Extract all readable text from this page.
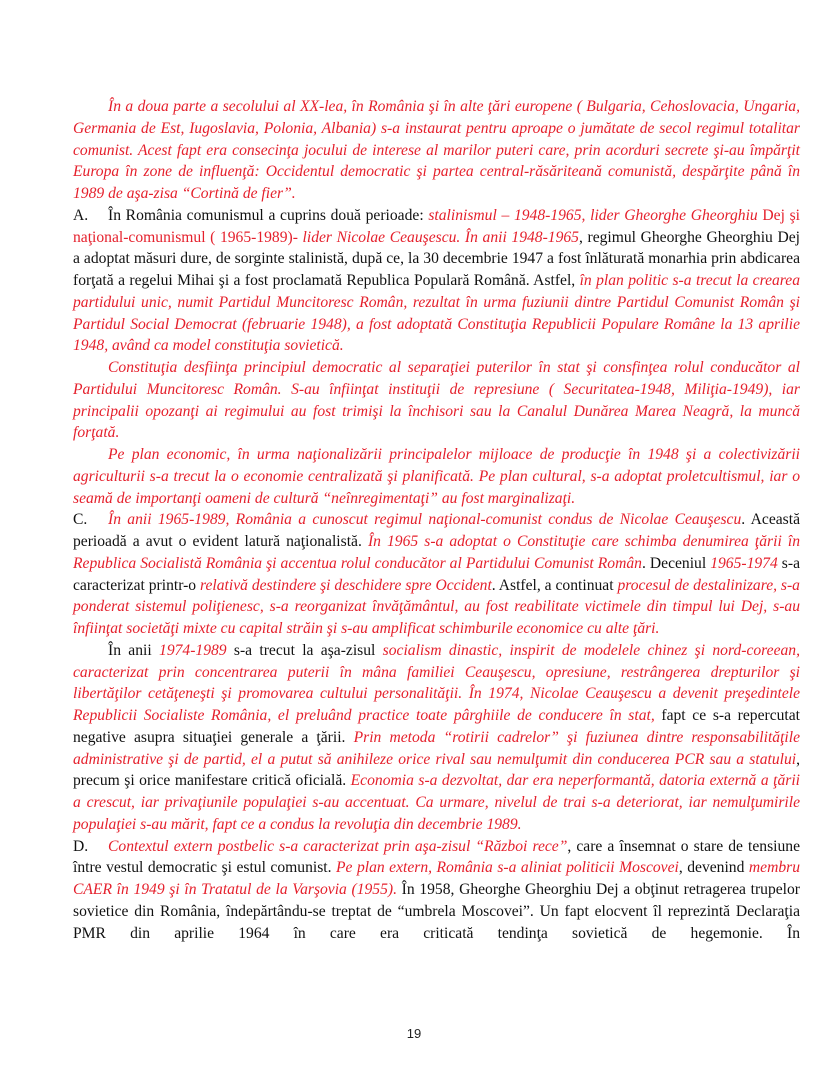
În a doua parte a secolului al XX-lea, în România şi în alte ţări europene ( Bulgaria, Cehoslovacia, Ungaria, Germania de Est, Iugoslavia, Polonia, Albania) s-a instaurat pentru aproape o jumătate de secol regimul totalitar comunist. Acest fapt era consecinţa jocului de interese al marilor puteri care, prin acorduri secrete şi-au împărţit Europa în zone de influenţă: Occidentul democratic şi partea central-răsăriteană comunistă, despărţite până în 1989 de aşa-zisa “Cortină de fier”.

A. În România comunismul a cuprins două perioade: stalinismul – 1948-1965, lider Gheorghe Gheorghiu Dej şi naţional-comunismul ( 1965-1989)- lider Nicolae Ceauşescu. În anii 1948-1965, regimul Gheorghe Gheorghiu Dej a adoptat măsuri dure, de sorginte stalinistă, după ce, la 30 decembrie 1947 a fost înlăturată monarhia prin abdicarea forţată a regelui Mihai şi a fost proclamată Republica Populară Română. Astfel, în plan politic s-a trecut la crearea partidului unic, numit Partidul Muncitoresc Român, rezultat în urma fuziunii dintre Partidul Comunist Român şi Partidul Social Democrat (februarie 1948), a fost adoptată Constituţia Republicii Populare Române la 13 aprilie 1948, având ca model constituţia sovietică.

Constituţia desfiinţa principiul democratic al separaţiei puterilor în stat şi consfinţea rolul conducător al Partidului Muncitoresc Român. S-au înfiinţat instituţii de represiune ( Securitatea-1948, Miliţia-1949), iar principalii opozanţi ai regimului au fost trimişi la închisori sau la Canalul Dunărea Marea Neagră, la muncă forţată.

Pe plan economic, în urma naţionalizării principalelor mijloace de producţie în 1948 şi a colectivizării agriculturii s-a trecut la o economie centralizată şi planificată. Pe plan cultural, s-a adoptat proletcultismul, iar o seamă de importanţi oameni de cultură “neînregimentaţi” au fost marginalizaţi.

C. În anii 1965-1989, România a cunoscut regimul naţional-comunist condus de Nicolae Ceauşescu. Această perioadă a avut o evident latură naţionalistă. În 1965 s-a adoptat o Constituţie care schimba denumirea ţării în Republica Socialistă România şi accentua rolul conducător al Partidului Comunist Român. Deceniul 1965-1974 s-a caracterizat printr-o relativă destindere şi deschidere spre Occident. Astfel, a continuat procesul de destalinizare, s-a ponderat sistemul poliţienesc, s-a reorganizat învăţământul, au fost reabilitate victimele din timpul lui Dej, s-au înfiinţat societăţi mixte cu capital străin şi s-au amplificat schimburile economice cu alte ţări.

În anii 1974-1989 s-a trecut la aşa-zisul socialism dinastic, inspirit de modelele chinez şi nord-coreean, caracterizat prin concentrarea puterii în mâna familiei Ceauşescu, opresiune, restrângerea drepturilor şi libertăţilor cetăţeneşti şi promovarea cultului personalităţii. În 1974, Nicolae Ceauşescu a devenit preşedintele Republicii Socialiste România, el preluând practice toate pârghiile de conducere în stat, fapt ce s-a repercutat negative asupra situaţiei generale a ţării. Prin metoda “rotirii cadrelor” şi fuziunea dintre responsabilităţile administrative şi de partid, el a putut să anihileze orice rival sau nemulţumit din conducerea PCR sau a statului, precum şi orice manifestare critică oficială. Economia s-a dezvoltat, dar era neperformantă, datoria externă a ţării a crescut, iar privaţiunile populaţiei s-au accentuat. Ca urmare, nivelul de trai s-a deteriorat, iar nemulţumirile populaţiei s-au mărit, fapt ce a condus la revoluţia din decembrie 1989.

D. Contextul extern postbelic s-a caracterizat prin aşa-zisul “Război rece”, care a însemnat o stare de tensiune între vestul democratic şi estul comunist. Pe plan extern, România s-a aliniat politicii Moscovei, devenind membru CAER în 1949 şi în Tratatul de la Varşovia (1955). În 1958, Gheorghe Gheorghiu Dej a obţinut retragerea trupelor sovietice din România, îndepărtându-se treptat de “umbrela Moscovei”. Un fapt elocvent îl reprezintă Declaraţia PMR din aprilie 1964 în care era criticată tendinţa sovietică de hegemonie. În

19
